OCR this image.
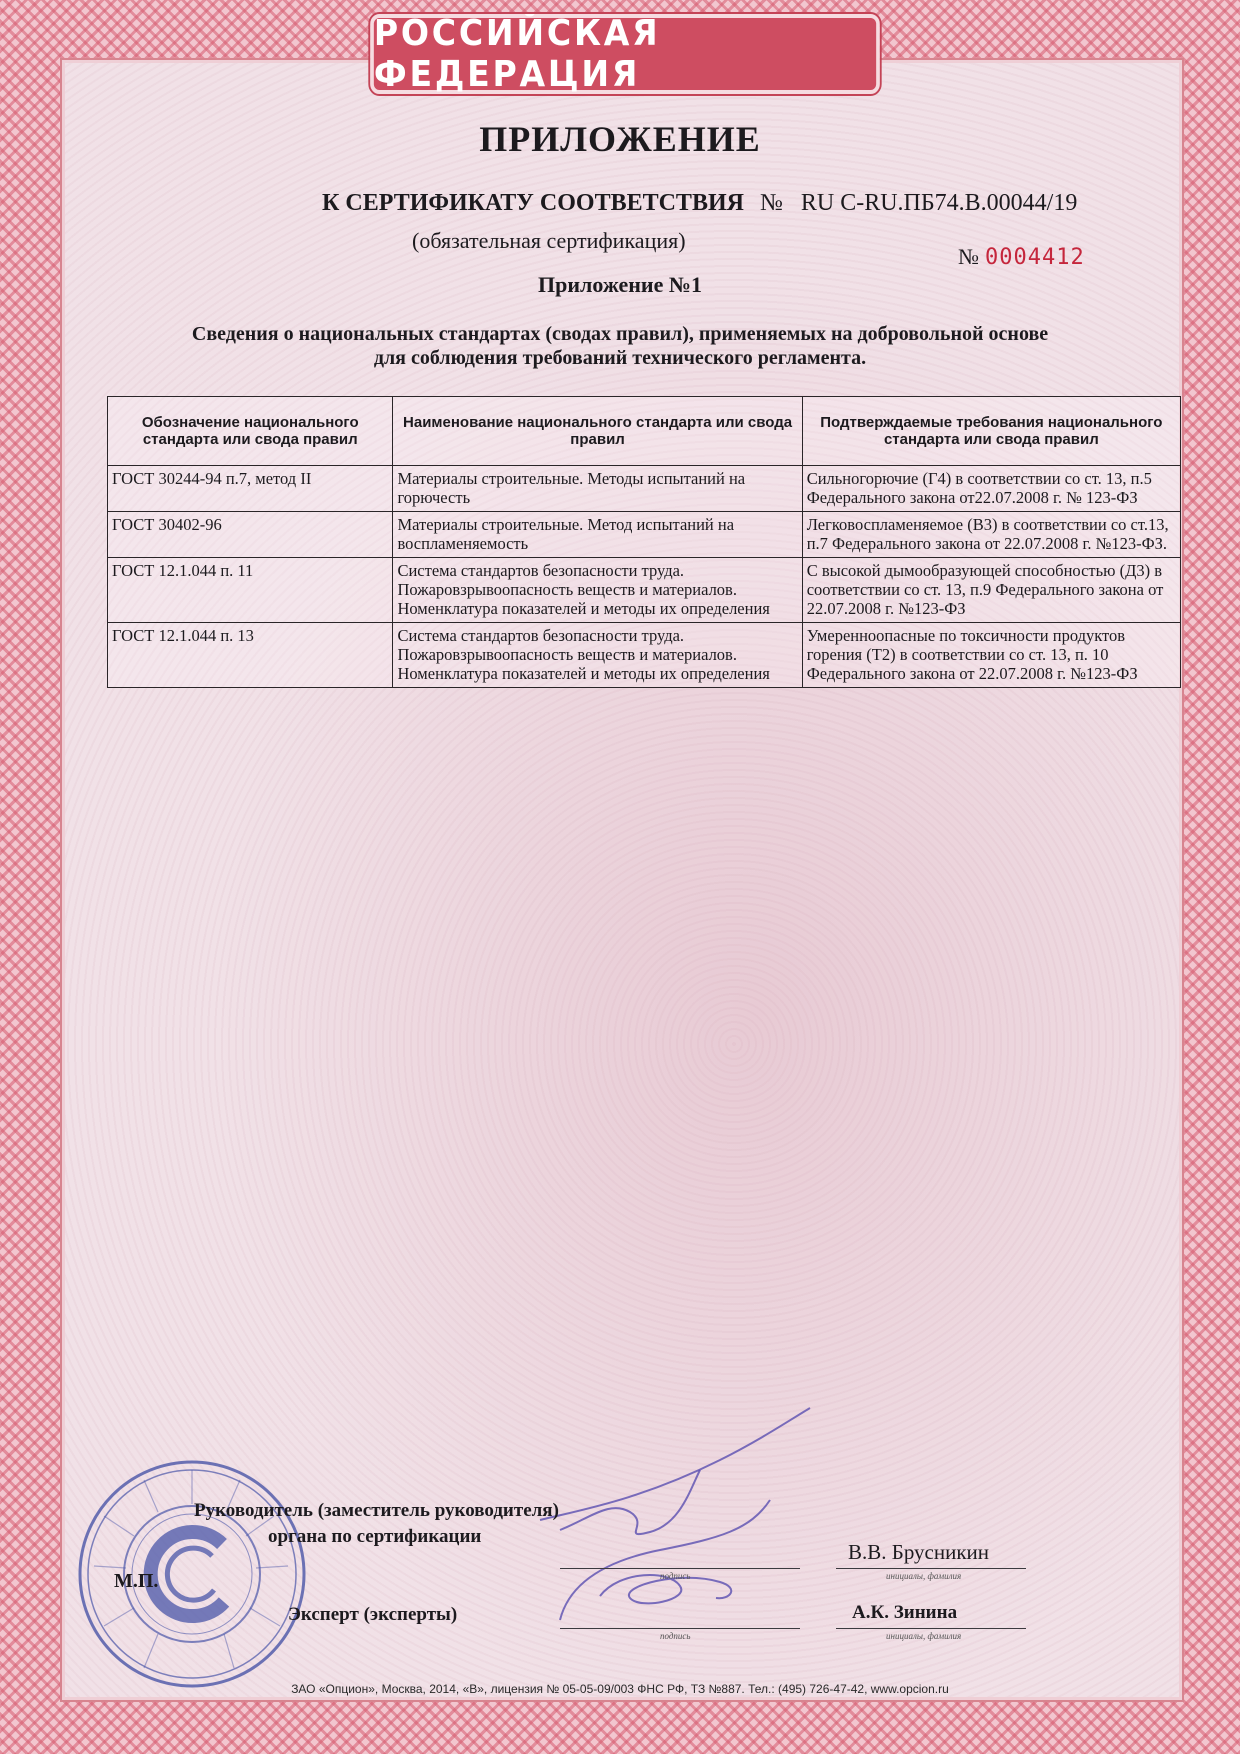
РОССИЙСКАЯ ФЕДЕРАЦИЯ
ПРИЛОЖЕНИЕ
К СЕРТИФИКАТУ СООТВЕТСТВИЯ № RU C-RU.ПБ74.В.00044/19
(обязательная сертификация)
№ 0004412
Приложение №1
Сведения о национальных стандартах (сводах правил), применяемых на добровольной основе
для соблюдения требований технического регламента.
Обозначение национального стандарта или свода правил	Наименование национального стандарта или свода правил	Подтверждаемые требования национального стандарта или свода правил
ГОСТ 30244-94 п.7, метод II	Материалы строительные. Методы испытаний на горючесть	Сильногорючие (Г4) в соответствии со ст. 13, п.5 Федерального закона от22.07.2008 г. № 123-ФЗ
ГОСТ 30402-96	Материалы строительные. Метод испытаний на воспламеняемость	Легковоспламеняемое (В3) в соответствии со ст.13, п.7 Федерального закона от 22.07.2008 г. №123-ФЗ.
ГОСТ 12.1.044 п. 11	Система стандартов безопасности труда. Пожаровзрывоопасность веществ и материалов. Номенклатура показателей и методы их определения	С высокой дымообразующей способностью (Д3) в соответствии со ст. 13, п.9 Федерального закона от 22.07.2008 г. №123-ФЗ
ГОСТ 12.1.044 п. 13	Система стандартов безопасности труда. Пожаровзрывоопасность веществ и материалов. Номенклатура показателей и методы их определения	Умеренноопасные по токсичности продуктов горения (Т2) в соответствии со ст. 13, п. 10 Федерального закона от 22.07.2008 г. №123-ФЗ
Руководитель (заместитель руководителя)
органа по сертификации
М.П.
Эксперт (эксперты)
подпись
В.В. Брусникин
инициалы, фамилия
подпись
А.К. Зинина
инициалы, фамилия
ЗАО «Опцион», Москва, 2014, «В», лицензия № 05-05-09/003 ФНС РФ, ТЗ №887. Тел.: (495) 726-47-42, www.opcion.ru
